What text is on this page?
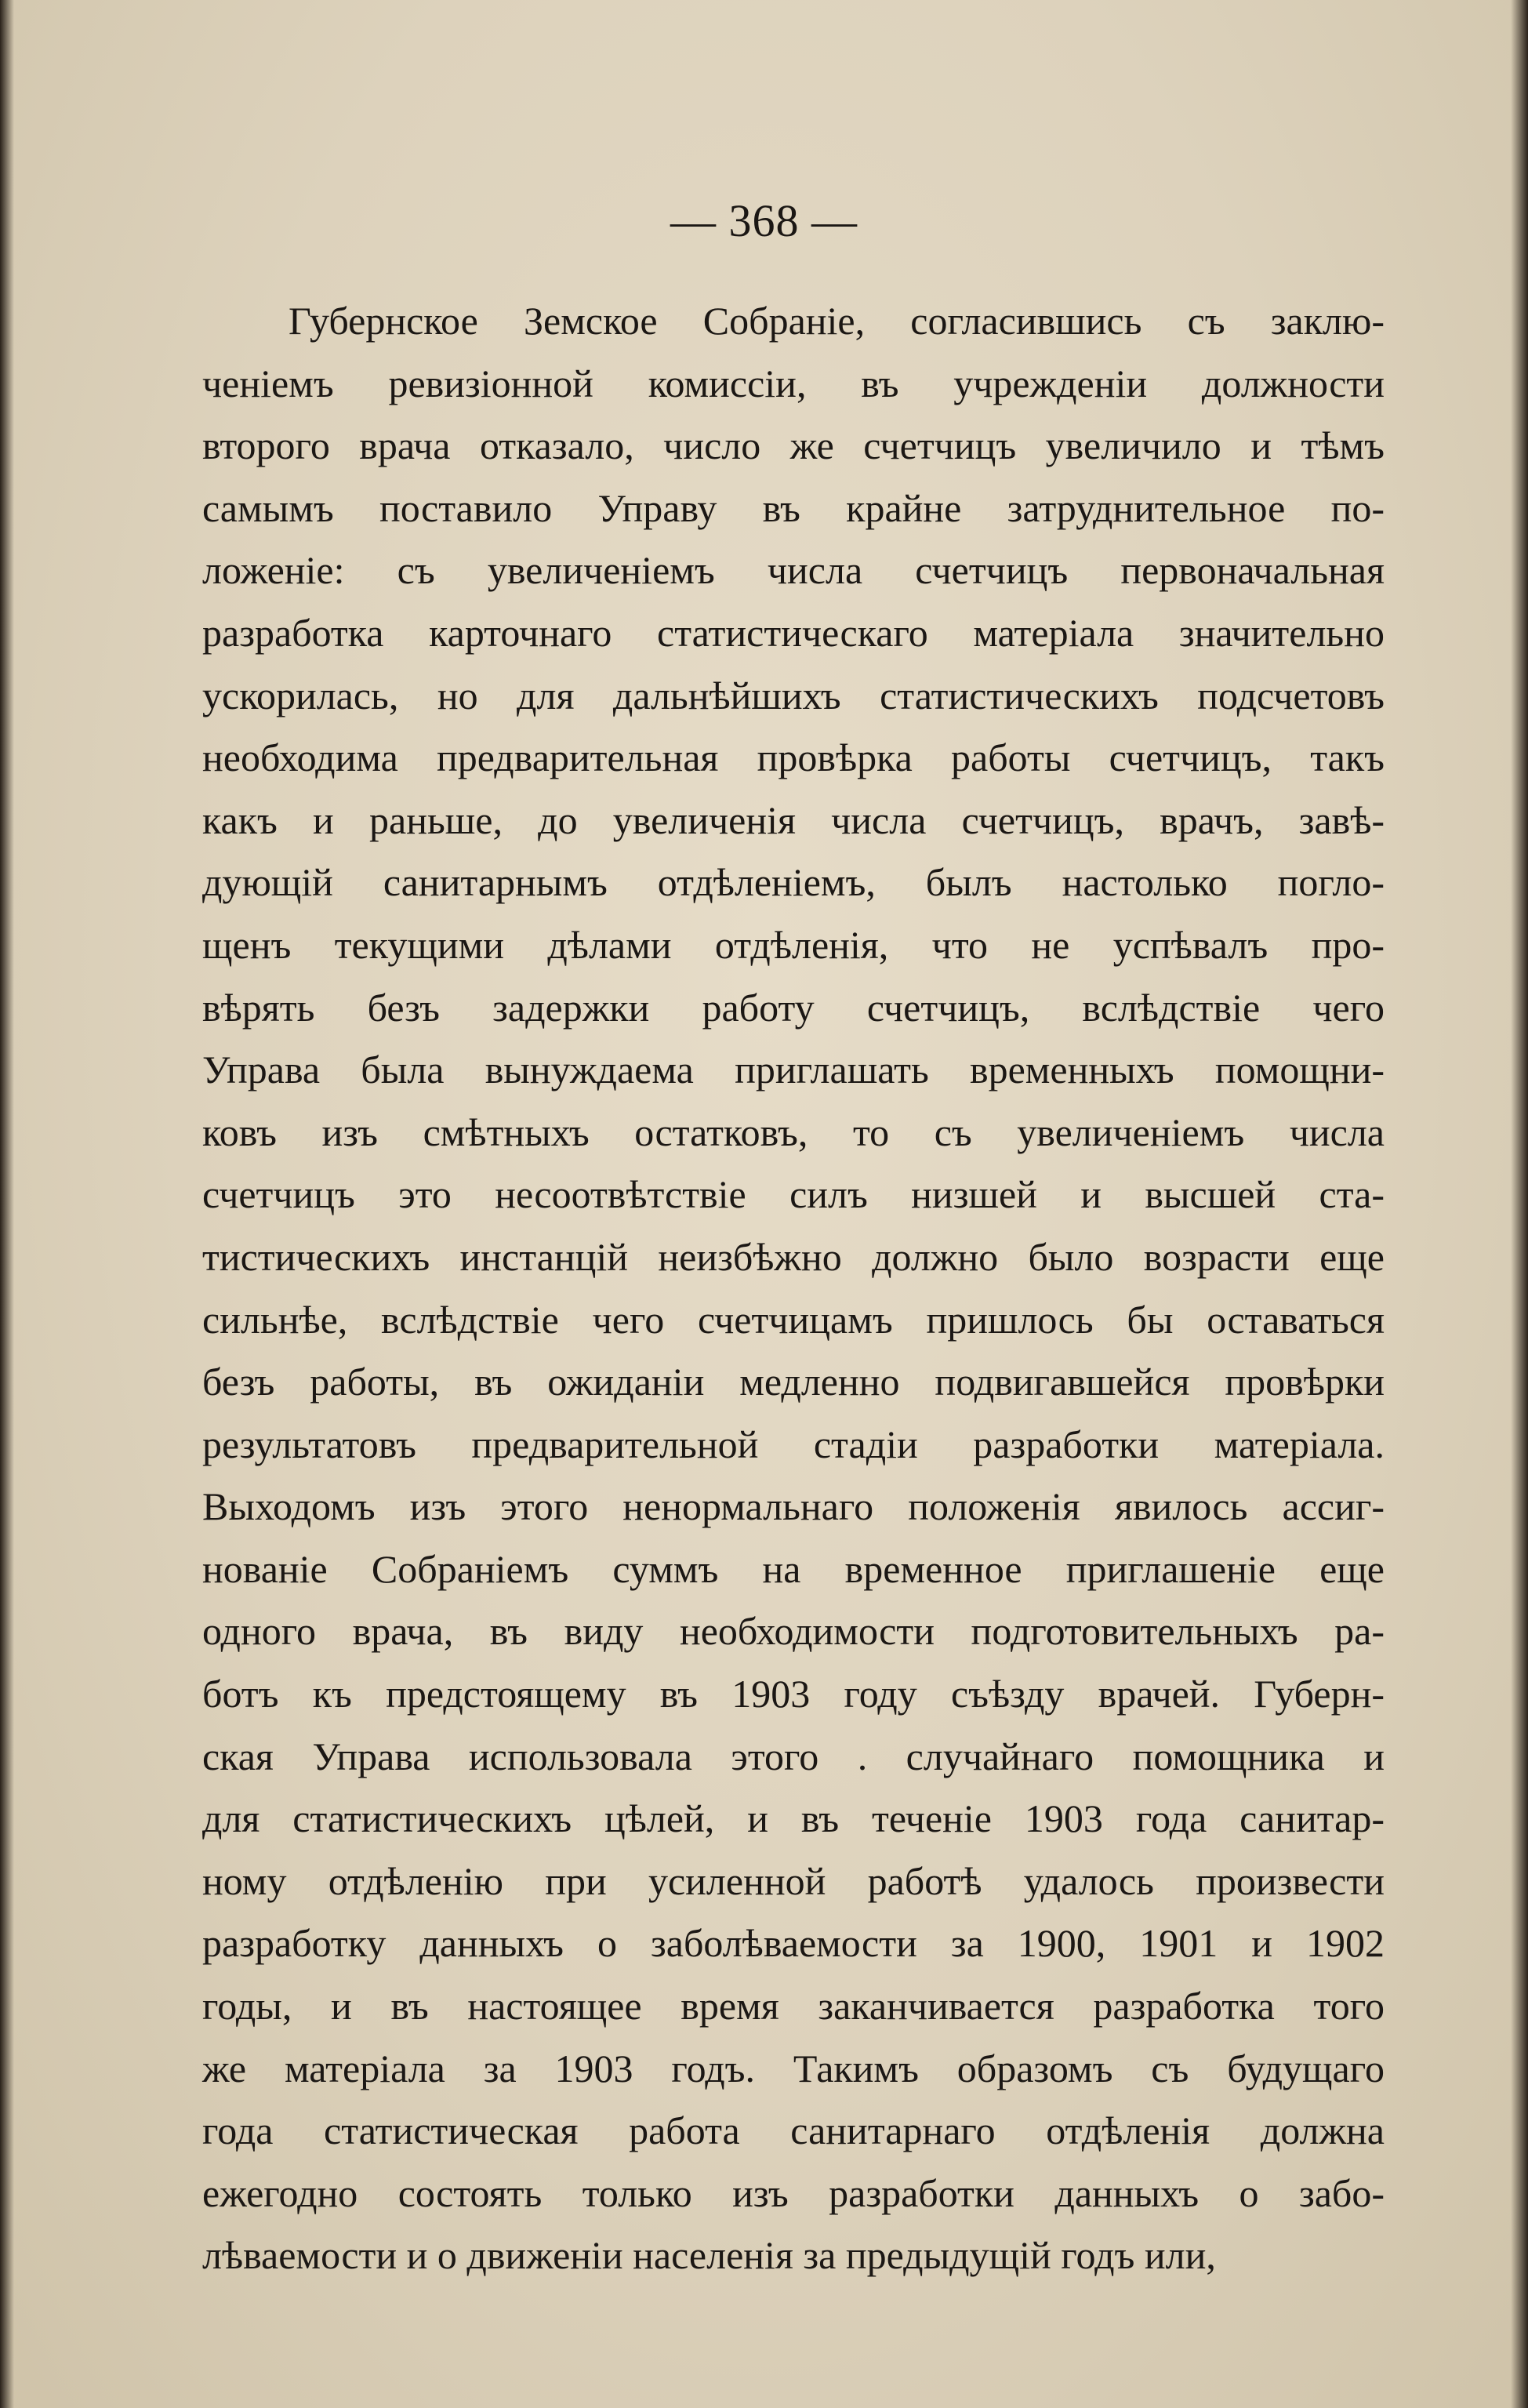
— 368 —
Губернское Земское Собраніе, согласившись съ заклю-
ченіемъ ревизіонной комиссіи, въ учрежденіи должности
второго врача отказало, число же счетчицъ увеличило и тѣмъ
самымъ поставило Управу въ крайне затруднительное по-
ложеніе: съ увеличеніемъ числа счетчицъ первоначальная
разработка карточнаго статистическаго матеріала значительно
ускорилась, но для дальнѣйшихъ статистическихъ подсчетовъ
необходима предварительная провѣрка работы счетчицъ, такъ
какъ и раньше, до увеличенія числа счетчицъ, врачъ, завѣ-
дующій санитарнымъ отдѣленіемъ, былъ настолько погло-
щенъ текущими дѣлами отдѣленія, что не успѣвалъ про-
вѣрять безъ задержки работу счетчицъ, вслѣдствіе чего
Управа была вынуждаема приглашать временныхъ помощни-
ковъ изъ смѣтныхъ остатковъ, то съ увеличеніемъ числа
счетчицъ это несоотвѣтствіе силъ низшей и высшей ста-
тистическихъ инстанцій неизбѣжно должно было возрасти еще
сильнѣе, вслѣдствіе чего счетчицамъ пришлось бы оставаться
безъ работы, въ ожиданіи медленно подвигавшейся провѣрки
результатовъ предварительной стадіи разработки матеріала.
Выходомъ изъ этого ненормальнаго положенія явилось ассиг-
нованіе Собраніемъ суммъ на временное приглашеніе еще
одного врача, въ виду необходимости подготовительныхъ ра-
ботъ къ предстоящему въ 1903 году съѣзду врачей. Губерн-
ская Управа использовала этого . случайнаго помощника и
для статистическихъ цѣлей, и въ теченіе 1903 года санитар-
ному отдѣленію при усиленной работѣ удалось произвести
разработку данныхъ о заболѣваемости за 1900, 1901 и 1902
годы, и въ настоящее время заканчивается разработка того
же матеріала за 1903 годъ. Такимъ образомъ съ будущаго
года статистическая работа санитарнаго отдѣленія должна
ежегодно состоять только изъ разработки данныхъ о забо-
лѣваемости и о движеніи населенія за предыдущій годъ или,
